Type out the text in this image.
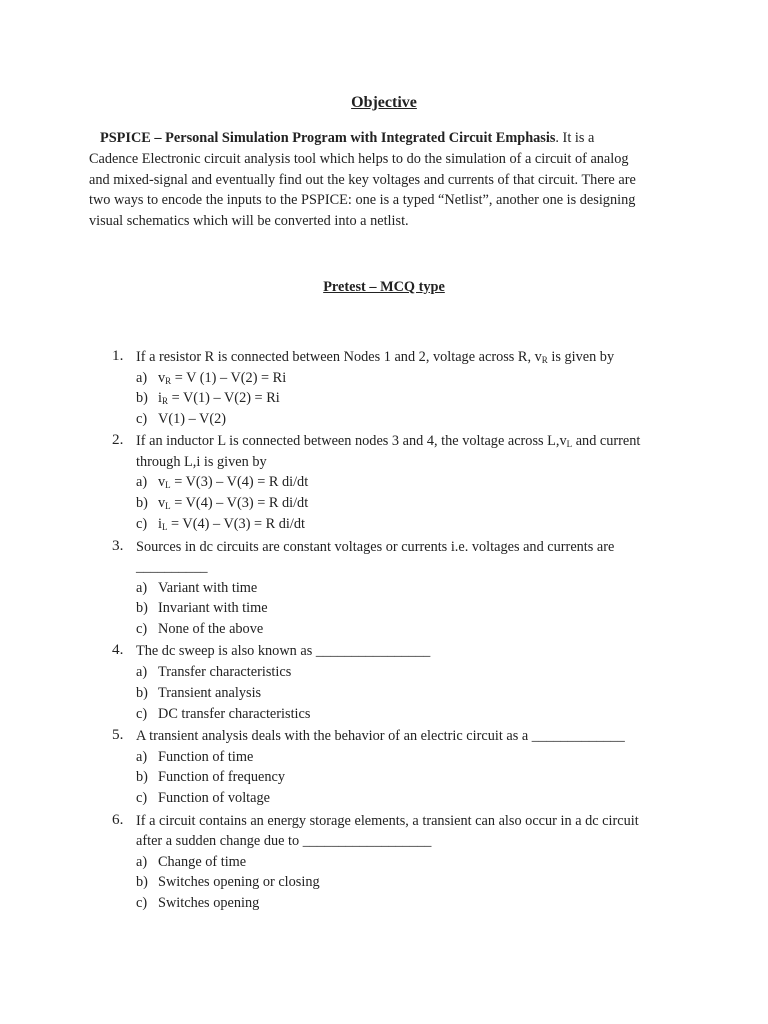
Objective
PSPICE – Personal Simulation Program with Integrated Circuit Emphasis. It is a
Cadence Electronic circuit analysis tool which helps to do the simulation of a circuit of analog
and mixed-signal and eventually find out the key voltages and currents of that circuit. There are
two ways to encode the inputs to the PSPICE: one is a typed “Netlist”, another one is designing
visual schematics which will be converted into a netlist.
Pretest – MCQ type
1. If a resistor R is connected between Nodes 1 and 2, voltage across R, $v_R$ is given by
a) $v_R = V$ (1) – V(2) = Ri
b) $i_R = V(1) - V(2) = Ri$
c) V(1) – V(2)
2. If an inductor L is connected between nodes 3 and 4, the voltage across $L,v_L$ and current
through L,i is given by
a) $v_L = V(3) - V(4) = R$ di/dt
b) $v_L = V(4) - V(3) = R$ di/dt
c) $i_L = V(4) - V(3) = R$ di/dt
3. Sources in dc circuits are constant voltages or currents i.e. voltages and currents are
__________
a) Variant with time
b) Invariant with time
c) None of the above
4. The dc sweep is also known as ________________
a) Transfer characteristics
b) Transient analysis
c) DC transfer characteristics
5. A transient analysis deals with the behavior of an electric circuit as a _____________
a) Function of time
b) Function of frequency
c) Function of voltage
6. If a circuit contains an energy storage elements, a transient can also occur in a dc circuit
after a sudden change due to __________________
a) Change of time
b) Switches opening or closing
c) Switches opening
